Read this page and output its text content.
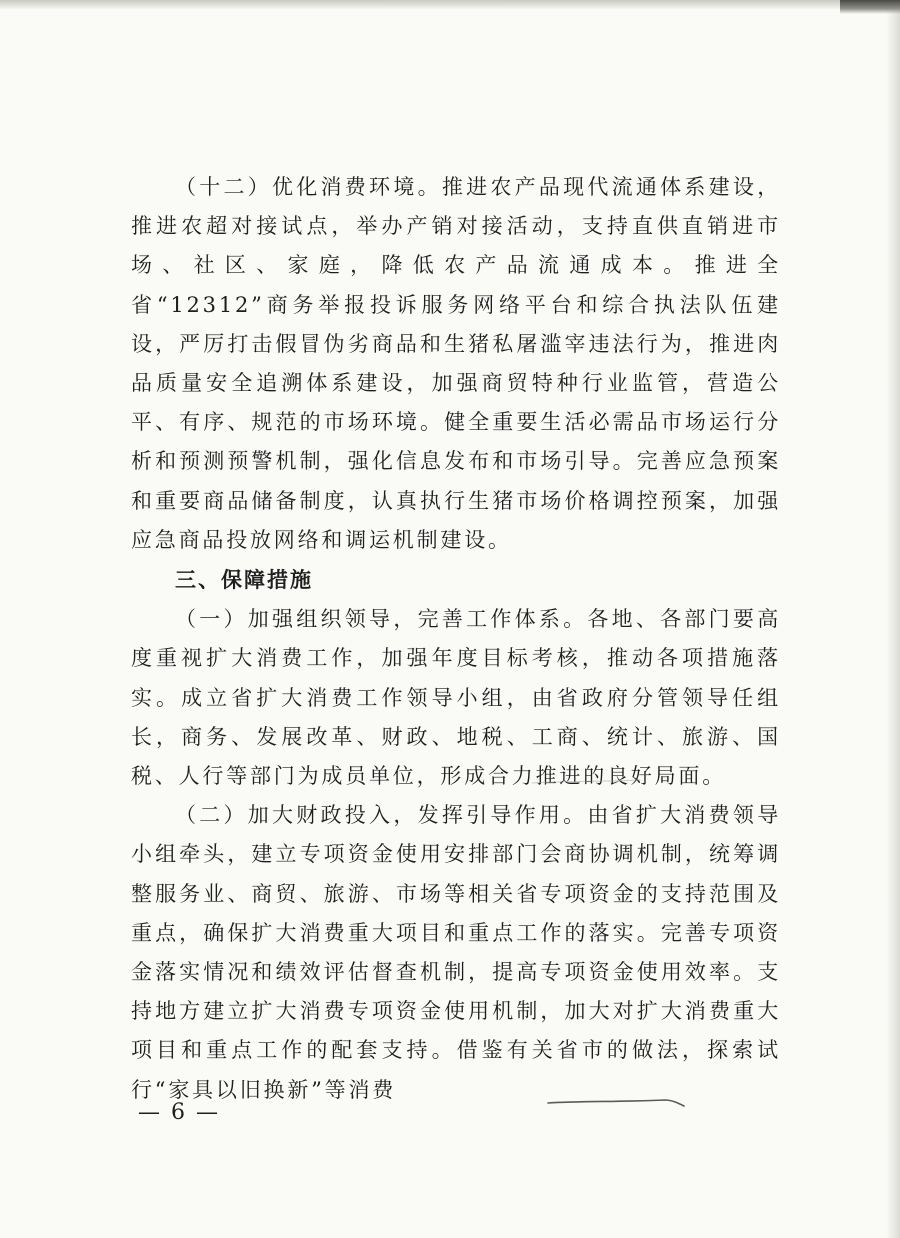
（十二）优化消费环境。推进农产品现代流通体系建设，推进农超对接试点，举办产销对接活动，支持直供直销进市场、社区、家庭，降低农产品流通成本。推进全省“12312”商务举报投诉服务网络平台和综合执法队伍建设，严厉打击假冒伪劣商品和生猪私屠滥宰违法行为，推进肉品质量安全追溯体系建设，加强商贸特种行业监管，营造公平、有序、规范的市场环境。健全重要生活必需品市场运行分析和预测预警机制，强化信息发布和市场引导。完善应急预案和重要商品储备制度，认真执行生猪市场价格调控预案，加强应急商品投放网络和调运机制建设。

三、保障措施

（一）加强组织领导，完善工作体系。各地、各部门要高度重视扩大消费工作，加强年度目标考核，推动各项措施落实。成立省扩大消费工作领导小组，由省政府分管领导任组长，商务、发展改革、财政、地税、工商、统计、旅游、国税、人行等部门为成员单位，形成合力推进的良好局面。

（二）加大财政投入，发挥引导作用。由省扩大消费领导小组牵头，建立专项资金使用安排部门会商协调机制，统筹调整服务业、商贸、旅游、市场等相关省专项资金的支持范围及重点，确保扩大消费重大项目和重点工作的落实。完善专项资金落实情况和绩效评估督查机制，提高专项资金使用效率。支持地方建立扩大消费专项资金使用机制，加大对扩大消费重大项目和重点工作的配套支持。借鉴有关省市的做法，探索试行“家具以旧换新”等消费

— 6 —
